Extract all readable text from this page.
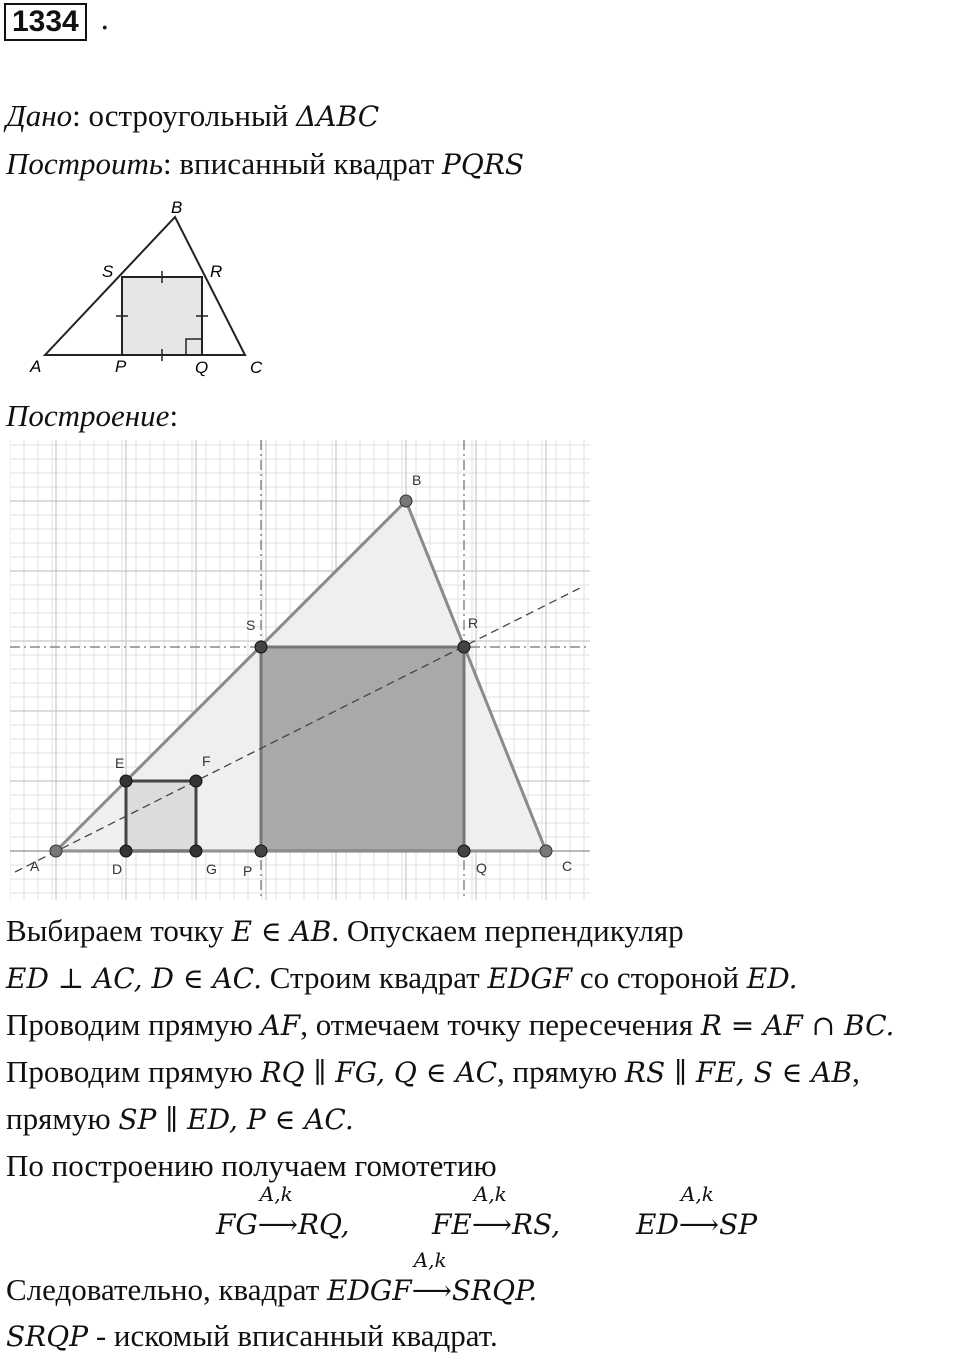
1334 .
Дано: остроугольный ΔABC
Построить: вписанный квадрат PQRS
A
B
C
P	Q
R
S
Построение:
A
B
C
D
E	F
G P	Q
R
S
Выбираем точку E ∈ AB. Опускаем перпендикуляр
ED ⊥ AC, D ∈ AC. Строим квадрат EDGF со стороной ED.
Проводим прямую AF, отмечаем точку пересечения R = AF ∩ BC.
Проводим прямую RQ ∥ FG, Q ∈ AC, прямую RS ∥ FE, S ∈ AB,
прямую SP ∥ ED, P ∈ AC.
По построению получаем гомотетию
FG
A,k
⟶RQ,	FE
A,k
⟶RS,	ED
A,k
⟶SP
Следовательно, квадрат EDGF
A,k
⟶SRQP.
SRQP - искомый вписанный квадрат.
